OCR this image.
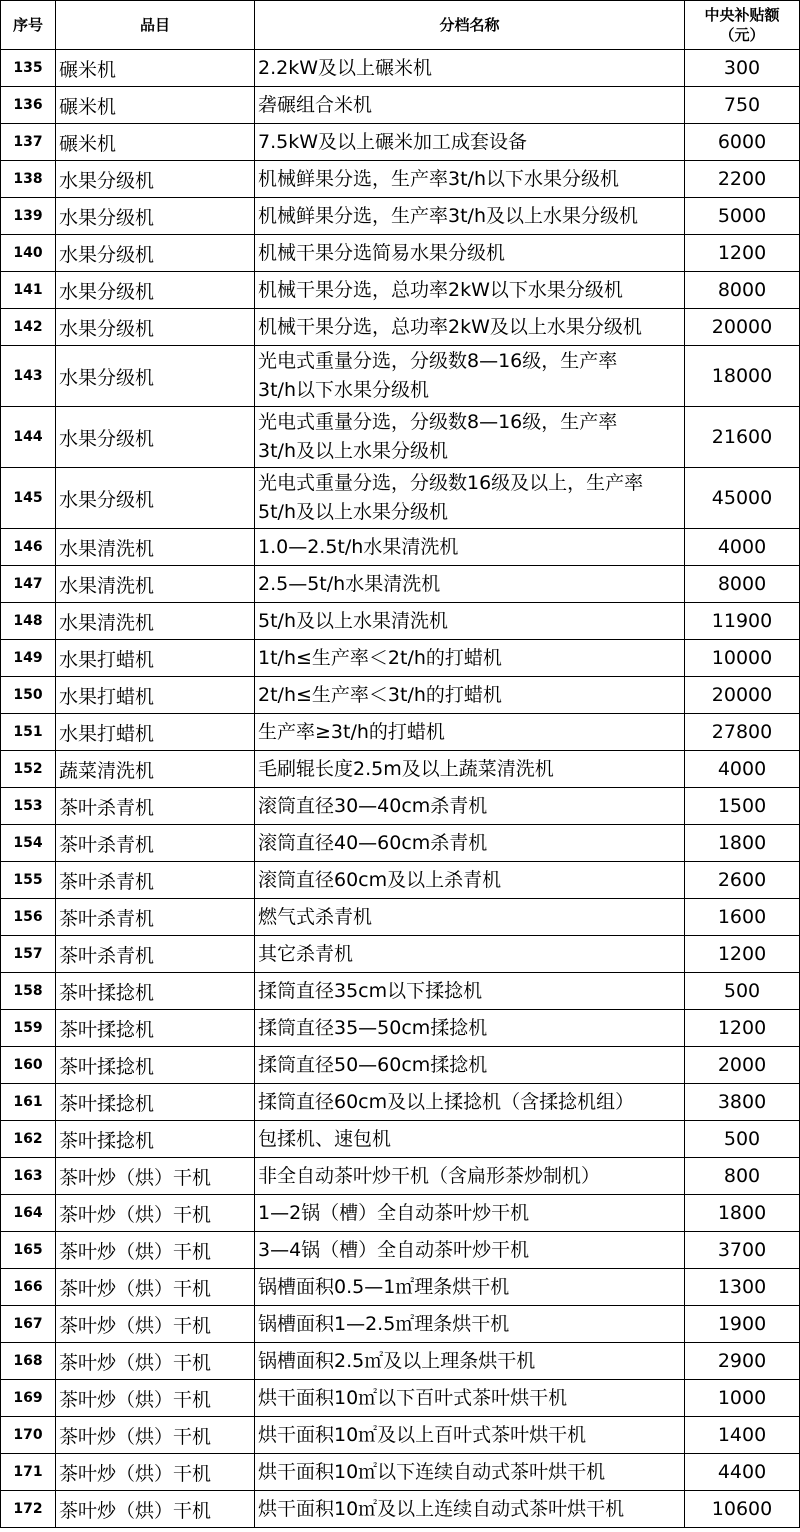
序号	品目	分档名称	中央补贴额
（元）

135	碾米机	2.2kW及以上碾米机	300
136	碾米机	砻碾组合米机	750
137	碾米机	7.5kW及以上碾米加工成套设备	6000
138	水果分级机	机械鲜果分选，生产率3t/h以下水果分级机	2200
139	水果分级机	机械鲜果分选，生产率3t/h及以上水果分级机	5000
140	水果分级机	机械干果分选简易水果分级机	1200
141	水果分级机	机械干果分选，总功率2kW以下水果分级机	8000
142	水果分级机	机械干果分选，总功率2kW及以上水果分级机	20000
143	水果分级机	光电式重量分选，分级数8—16级，生产率
3t/h以下水果分级机	18000
144	水果分级机	光电式重量分选，分级数8—16级，生产率
3t/h及以上水果分级机	21600
145	水果分级机	光电式重量分选，分级数16级及以上，生产率
5t/h及以上水果分级机	45000
146	水果清洗机	1.0—2.5t/h水果清洗机	4000
147	水果清洗机	2.5—5t/h水果清洗机	8000
148	水果清洗机	5t/h及以上水果清洗机	11900
149	水果打蜡机	1t/h≤生产率＜2t/h的打蜡机	10000
150	水果打蜡机	2t/h≤生产率＜3t/h的打蜡机	20000
151	水果打蜡机	生产率≥3t/h的打蜡机	27800
152	蔬菜清洗机	毛刷辊长度2.5m及以上蔬菜清洗机	4000
153	茶叶杀青机	滚筒直径30—40cm杀青机	1500
154	茶叶杀青机	滚筒直径40—60cm杀青机	1800
155	茶叶杀青机	滚筒直径60cm及以上杀青机	2600
156	茶叶杀青机	燃气式杀青机	1600
157	茶叶杀青机	其它杀青机	1200
158	茶叶揉捻机	揉筒直径35cm以下揉捻机	500
159	茶叶揉捻机	揉筒直径35—50cm揉捻机	1200
160	茶叶揉捻机	揉筒直径50—60cm揉捻机	2000
161	茶叶揉捻机	揉筒直径60cm及以上揉捻机（含揉捻机组）	3800
162	茶叶揉捻机	包揉机、速包机	500
163	茶叶炒（烘）干机	非全自动茶叶炒干机（含扁形茶炒制机）	800
164	茶叶炒（烘）干机	1—2锅（槽）全自动茶叶炒干机	1800
165	茶叶炒（烘）干机	3—4锅（槽）全自动茶叶炒干机	3700
166	茶叶炒（烘）干机	锅槽面积0.5—1㎡理条烘干机	1300
167	茶叶炒（烘）干机	锅槽面积1—2.5㎡理条烘干机	1900
168	茶叶炒（烘）干机	锅槽面积2.5㎡及以上理条烘干机	2900
169	茶叶炒（烘）干机	烘干面积10㎡以下百叶式茶叶烘干机	1000
170	茶叶炒（烘）干机	烘干面积10㎡及以上百叶式茶叶烘干机	1400
171	茶叶炒（烘）干机	烘干面积10㎡以下连续自动式茶叶烘干机	4400
172	茶叶炒（烘）干机	烘干面积10㎡及以上连续自动式茶叶烘干机	10600
